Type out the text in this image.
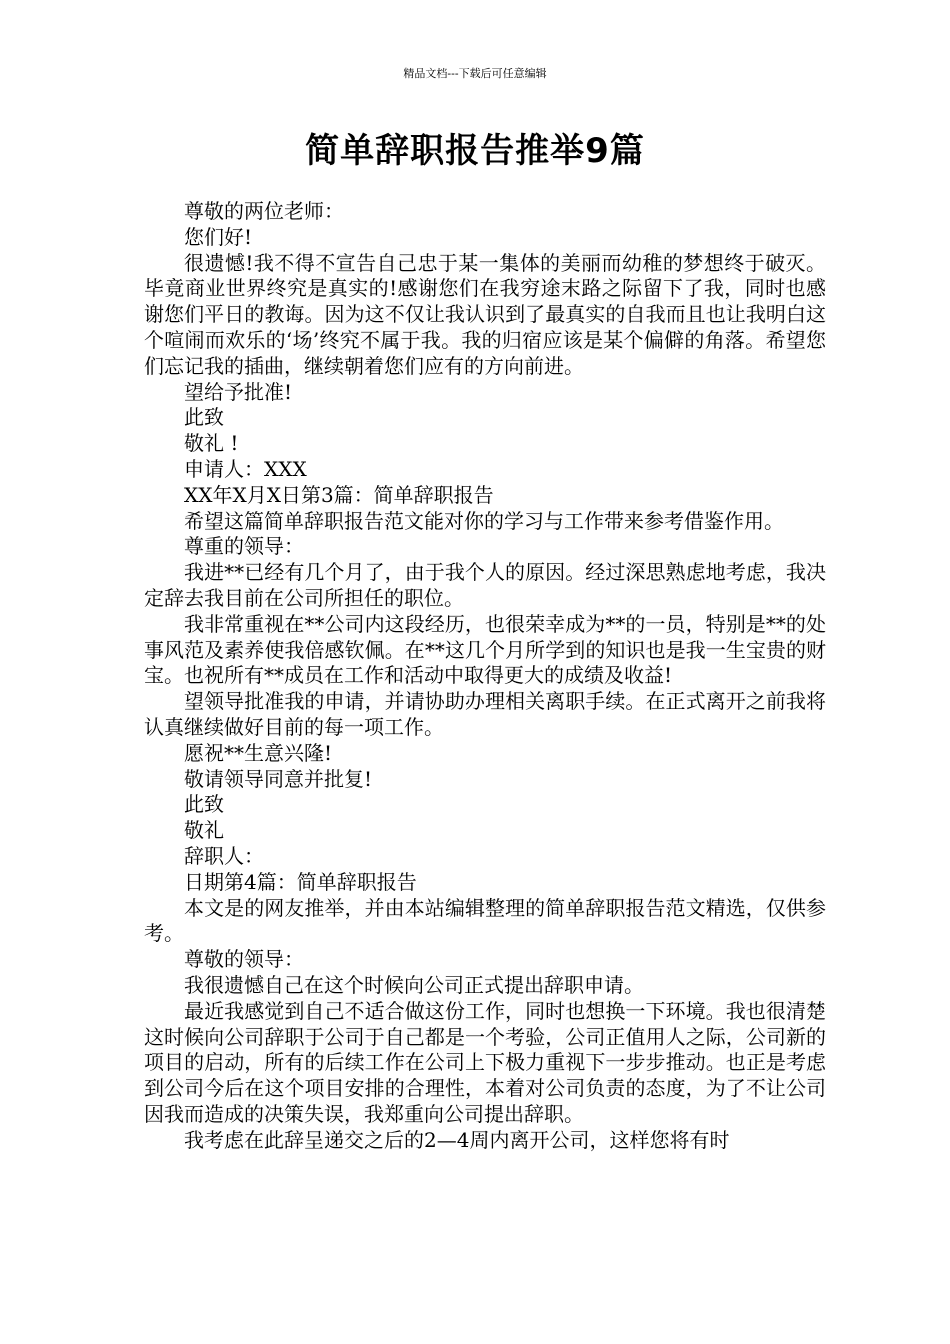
精品文档---下载后可任意编辑
简单辞职报告推举9篇

尊敬的两位老师：

您们好!

很遗憾!我不得不宣告自己忠于某一集体的美丽而幼稚的梦想终于破灭。毕竟商业世界终究是真实的!感谢您们在我穷途末路之际留下了我，同时也感谢您们平日的教诲。因为这不仅让我认识到了最真实的自我而且也让我明白这个喧闹而欢乐的‘场’终究不属于我。我的归宿应该是某个偏僻的角落。希望您们忘记我的插曲，继续朝着您们应有的方向前进。

望给予批准!

此致

敬礼 !

申请人：XXX

XX年X月X日第3篇：简单辞职报告

希望这篇简单辞职报告范文能对你的学习与工作带来参考借鉴作用。

尊重的领导：

我进**已经有几个月了，由于我个人的原因。经过深思熟虑地考虑，我决定辞去我目前在公司所担任的职位。

我非常重视在**公司内这段经历，也很荣幸成为**的一员，特别是**的处事风范及素养使我倍感钦佩。在**这几个月所学到的知识也是我一生宝贵的财宝。也祝所有**成员在工作和活动中取得更大的成绩及收益!

望领导批准我的申请，并请协助办理相关离职手续。在正式离开之前我将认真继续做好目前的每一项工作。

愿祝**生意兴隆!

敬请领导同意并批复!

此致

敬礼

辞职人：

日期第4篇：简单辞职报告

本文是的网友推举，并由本站编辑整理的简单辞职报告范文精选，仅供参考。

尊敬的领导：

我很遗憾自己在这个时候向公司正式提出辞职申请。

最近我感觉到自己不适合做这份工作，同时也想换一下环境。我也很清楚这时候向公司辞职于公司于自己都是一个考验，公司正值用人之际，公司新的项目的启动，所有的后续工作在公司上下极力重视下一步步推动。也正是考虑到公司今后在这个项目安排的合理性，本着对公司负责的态度，为了不让公司因我而造成的决策失误，我郑重向公司提出辞职。

我考虑在此辞呈递交之后的2—4周内离开公司，这样您将有时
